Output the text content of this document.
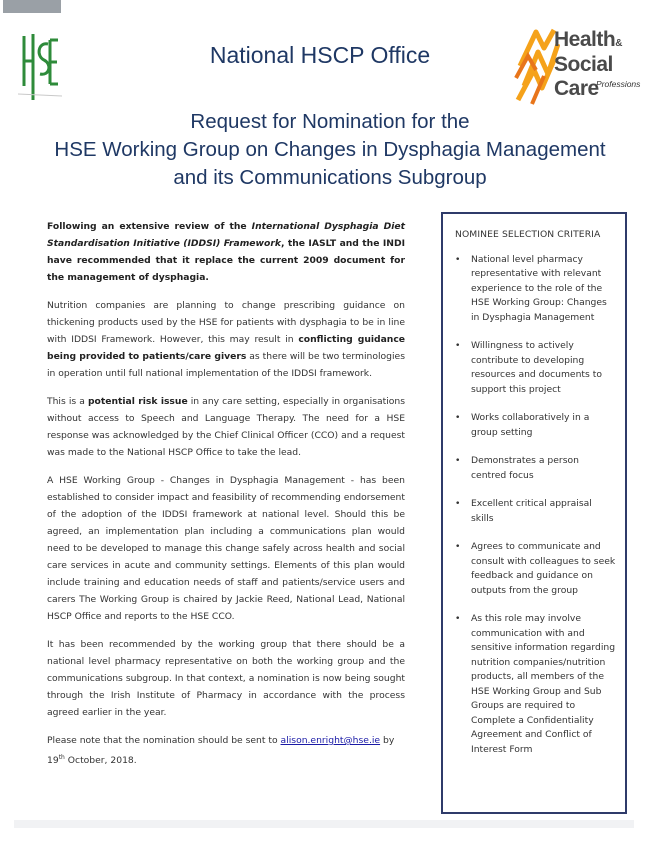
Health&
Social Care
Professions
National HSCP Office
Request for Nomination for the
HSE Working Group on Changes in Dysphagia Management
and its Communications Subgroup

Following an extensive review of the International Dysphagia Diet Standardisation Initiative (IDDSI) Framework, the IASLT and the INDI have recommended that it replace the current 2009 document for the management of dysphagia.

Nutrition companies are planning to change prescribing guidance on thickening products used by the HSE for patients with dysphagia to be in line with IDDSI Framework. However, this may result in conflicting guidance being provided to patients/care givers as there will be two terminologies in operation until full national implementation of the IDDSI framework.

This is a potential risk issue in any care setting, especially in organisations without access to Speech and Language Therapy. The need for a HSE response was acknowledged by the Chief Clinical Officer (CCO) and a request was made to the National HSCP Office to take the lead.

A HSE Working Group - Changes in Dysphagia Management - has been established to consider impact and feasibility of recommending endorsement of the adoption of the IDDSI framework at national level. Should this be agreed, an implementation plan including a communications plan would need to be developed to manage this change safely across health and social care services in acute and community settings. Elements of this plan would include training and education needs of staff and patients/service users and carers The Working Group is chaired by Jackie Reed, National Lead, National HSCP Office and reports to the HSE CCO.

It has been recommended by the working group that there should be a national level pharmacy representative on both the working group and the communications subgroup. In that context, a nomination is now being sought through the Irish Institute of Pharmacy in accordance with the process agreed earlier in the year.

Please note that the nomination should be sent to alison.enright@hse.ie by 19th October, 2018.

NOMINEE SELECTION CRITERIA
• National level pharmacy representative with relevant experience to the role of the HSE Working Group: Changes in Dysphagia Management
• Willingness to actively contribute to developing resources and documents to support this project
• Works collaboratively in a group setting
• Demonstrates a person centred focus
• Excellent critical appraisal skills
• Agrees to communicate and consult with colleagues to seek feedback and guidance on outputs from the group
• As this role may involve communication with and sensitive information regarding nutrition companies/nutrition products, all members of the HSE Working Group and Sub Groups are required to Complete a Confidentiality Agreement and Conflict of Interest Form
